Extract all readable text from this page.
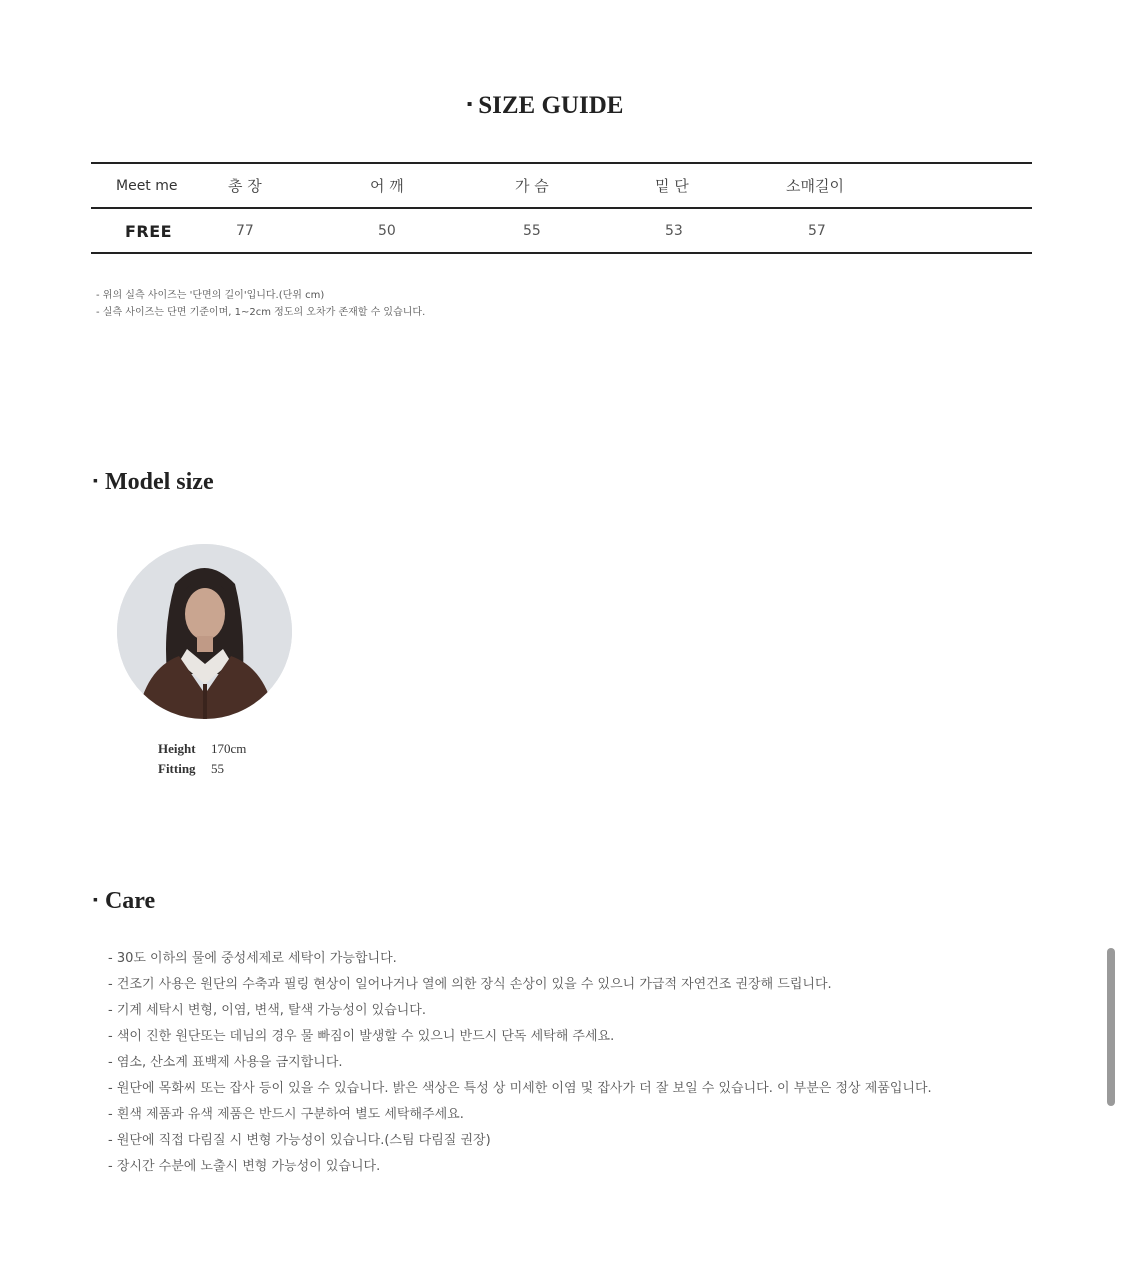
▪ SIZE GUIDE
Meet me	총 장	어 깨	가 슴	밑 단	소매길이
FREE	77	50	55	53	57
- 위의 실측 사이즈는 '단면의 길이'입니다.(단위 cm)
- 실측 사이즈는 단면 기준이며, 1~2cm 정도의 오차가 존재할 수 있습니다.
▪ Model size
Height 170cm
Fitting 55
▪ Care
- 30도 이하의 물에 중성세제로 세탁이 가능합니다.
- 건조기 사용은 원단의 수축과 필링 현상이 일어나거나 열에 의한 장식 손상이 있을 수 있으니 가급적 자연건조 권장해 드립니다.
- 기계 세탁시 변형, 이염, 변색, 탈색 가능성이 있습니다.
- 색이 진한 원단또는 데님의 경우 물 빠짐이 발생할 수 있으니 반드시 단독 세탁해 주세요.
- 염소, 산소계 표백제 사용을 금지합니다.
- 원단에 목화씨 또는 잡사 등이 있을 수 있습니다. 밝은 색상은 특성 상 미세한 이염 및 잡사가 더 잘 보일 수 있습니다. 이 부분은 정상 제품입니다.
- 흰색 제품과 유색 제품은 반드시 구분하여 별도 세탁해주세요.
- 원단에 직접 다림질 시 변형 가능성이 있습니다.(스팀 다림질 권장)
- 장시간 수분에 노출시 변형 가능성이 있습니다.
